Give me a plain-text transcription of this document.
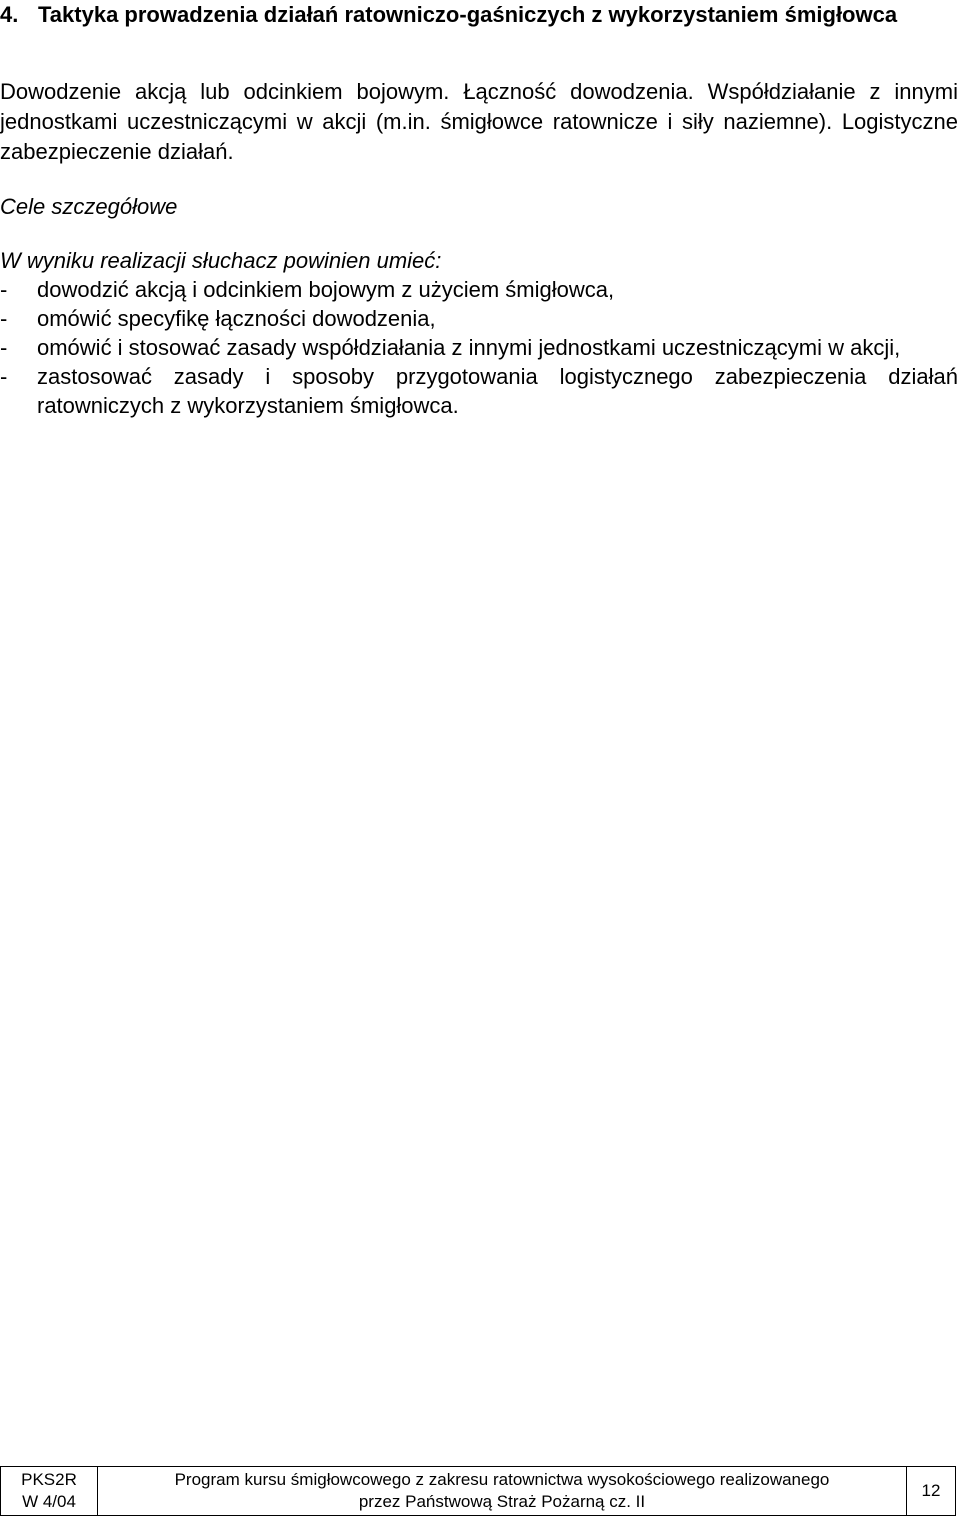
4. Taktyka prowadzenia działań ratowniczo-gaśniczych z wykorzystaniem śmigłowca
Dowodzenie akcją lub odcinkiem bojowym. Łączność dowodzenia. Współdziałanie z innymi jednostkami uczestniczącymi w akcji (m.in. śmigłowce ratownicze i siły naziemne). Logistyczne zabezpieczenie działań.
Cele szczegółowe
W wyniku realizacji słuchacz powinien umieć:
-	dowodzić akcją i odcinkiem bojowym z użyciem śmigłowca,
-	omówić specyfikę łączności dowodzenia,
-	omówić i stosować zasady współdziałania z innymi jednostkami uczestniczącymi w akcji,
-	zastosować zasady i sposoby przygotowania logistycznego zabezpieczenia działań ratowniczych z wykorzystaniem śmigłowca.
PKS2R
W 4/04
Program kursu śmigłowcowego z zakresu ratownictwa wysokościowego realizowanego
przez Państwową Straż Pożarną cz. II
12
